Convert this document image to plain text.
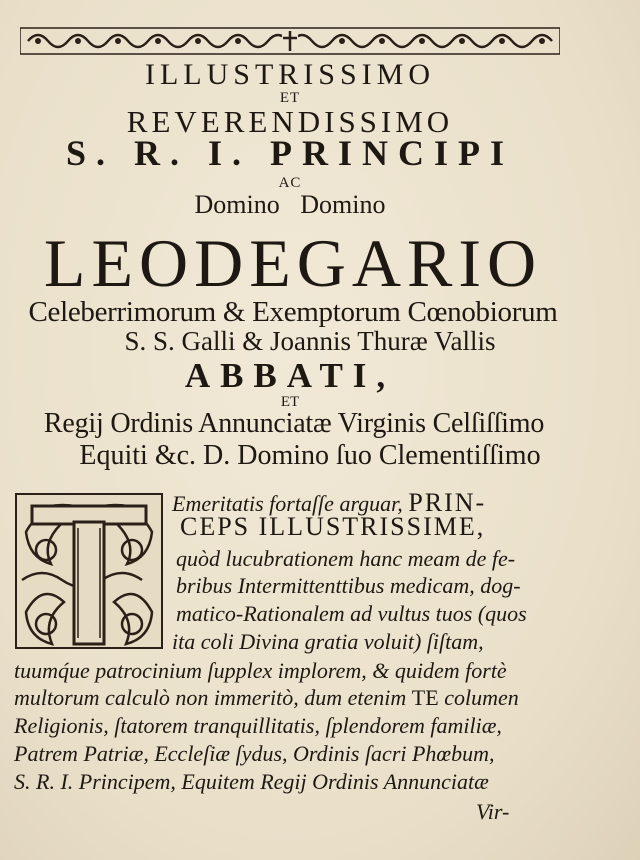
ILLUSTRISSIMO
ET
REVERENDISSIMO
S. R. I. PRINCIPI
AC
Domino Domino
LEODEGARIO
Celeberrimorum & Exemptorum Cœnobiorum
S. S. Galli & Joannis Thuræ Vallis
ABBATI,
ET
Regij Ordinis Annunciatæ Virginis Celſiſſimo
Equiti &c. D. Domino ſuo Clementiſſimo
T
Emeritatis fortaſſe arguar, PRIN-
CEPS ILLUSTRISSIME,
quòd lucubrationem hanc meam de fe-
bribus Intermittenttibus medicam, dog-
matico-Rationalem ad vultus tuos (quos
ita coli Divina gratia voluit) ſiſtam,
tuumq́ue patrocinium ſupplex implorem, & quidem fortè
multorum calculò non immeritò, dum etenim TE columen
Religionis, ſtatorem tranquillitatis, ſplendorem familiæ,
Patrem Patriæ, Eccleſiæ ſydus, Ordinis ſacri Phœbum,
S. R. I. Principem, Equitem Regij Ordinis Annunciatæ
Vir-
